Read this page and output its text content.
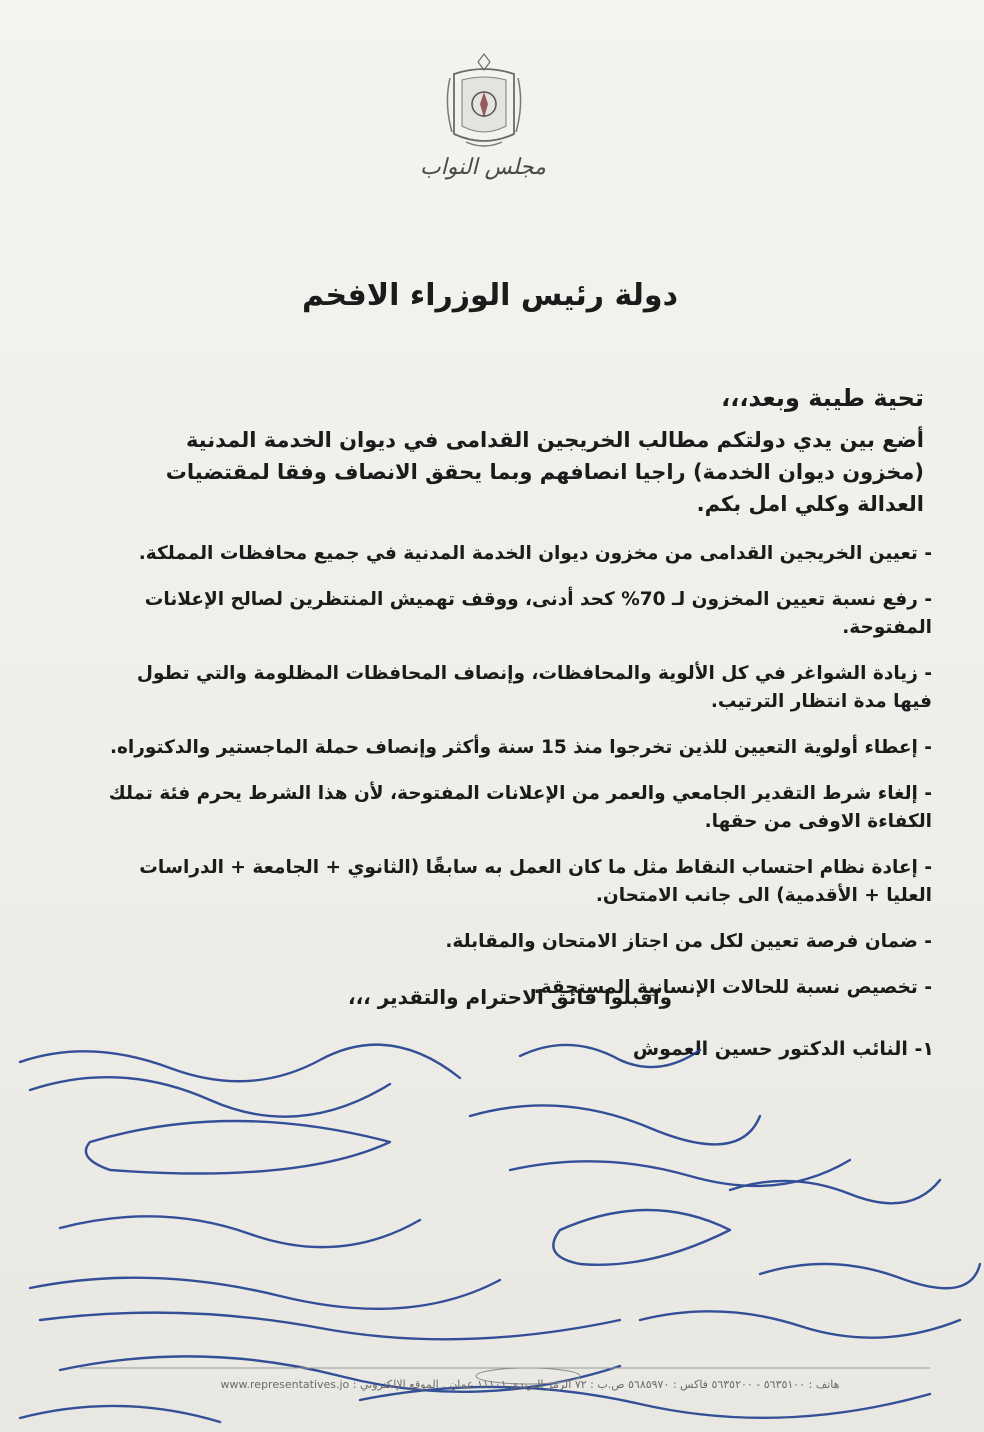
مجلس النواب
دولة رئيس الوزراء الافخم
تحية طيبة وبعد،،،
أضع بين يدي دولتكم مطالب الخريجين القدامى في ديوان الخدمة المدنية (مخزون ديوان الخدمة) راجيا انصافهم وبما يحقق الانصاف وفقا لمقتضيات العدالة وكلي امل بكم.
- تعيين الخريجين القدامى من مخزون ديوان الخدمة المدنية في جميع محافظات المملكة.
- رفع نسبة تعيين المخزون لـ 70% كحد أدنى، ووقف تهميش المنتظرين لصالح الإعلانات المفتوحة.
- زيادة الشواغر في كل الألوية والمحافظات، وإنصاف المحافظات المظلومة والتي تطول فيها مدة انتظار الترتيب.
- إعطاء أولوية التعيين للذين تخرجوا منذ 15 سنة وأكثر وإنصاف حملة الماجستير والدكتوراه.
- إلغاء شرط التقدير الجامعي والعمر من الإعلانات المفتوحة، لأن هذا الشرط يحرم فئة تملك الكفاءة الاوفى من حقها.
- إعادة نظام احتساب النقاط مثل ما كان العمل به سابقًا (الثانوي + الجامعة + الدراسات العليا + الأقدمية) الى جانب الامتحان.
- ضمان فرصة تعيين لكل من اجتاز الامتحان والمقابلة.
- تخصيص نسبة للحالات الإنسانية المستحقة.
واقبلوا فائق الاحترام والتقدير ،،،
١- النائب الدكتور حسين العموش
هاتف : ٥٦٣٥١٠٠ - ٥٦٣٥٢٠٠ فاكس : ٥٦٨٥٩٧٠ ص.ب : ٧٢ الرمز البريدي ١١١٠١ عمان . الموقع الإلكتروني : www.representatives.jo
